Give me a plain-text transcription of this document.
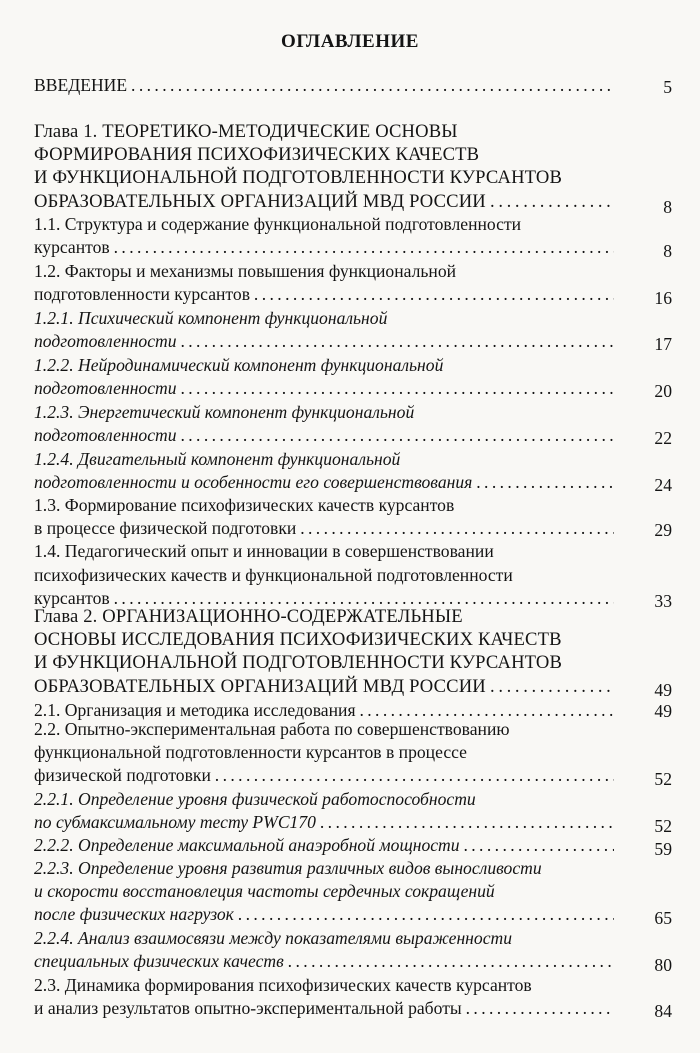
ОГЛАВЛЕНИЕ
ВВЕДЕНИЕ . . .	5
Глава 1. ТЕОРЕТИКО-МЕТОДИЧЕСКИЕ ОСНОВЫ
ФОРМИРОВАНИЯ ПСИХОФИЗИЧЕСКИХ КАЧЕСТВ
И ФУНКЦИОНАЛЬНОЙ ПОДГОТОВЛЕННОСТИ КУРСАНТОВ
ОБРАЗОВАТЕЛЬНЫХ ОРГАНИЗАЦИЙ МВД РОССИИ . . .	8
1.1. Структура и содержание функциональной подготовленности
курсантов . . .	8
1.2. Факторы и механизмы повышения функциональной
подготовленности курсантов . . .	16
1.2.1. Психический компонент функциональной
подготовленности . . .	17
1.2.2. Нейродинамический компонент функциональной
подготовленности . . .	20
1.2.3. Энергетический компонент функциональной
подготовленности . . .	22
1.2.4. Двигательный компонент функциональной
подготовленности и особенности его совершенствования . . .	24
1.3. Формирование психофизических качеств курсантов
в процессе физической подготовки . . .	29
1.4. Педагогический опыт и инновации в совершенствовании
психофизических качеств и функциональной подготовленности
курсантов . . .	33
Глава 2. ОРГАНИЗАЦИОННО-СОДЕРЖАТЕЛЬНЫЕ
ОСНОВЫ ИССЛЕДОВАНИЯ ПСИХОФИЗИЧЕСКИХ КАЧЕСТВ
И ФУНКЦИОНАЛЬНОЙ ПОДГОТОВЛЕННОСТИ КУРСАНТОВ
ОБРАЗОВАТЕЛЬНЫХ ОРГАНИЗАЦИЙ МВД РОССИИ . . .	49
2.1. Организация и методика исследования . . .	49
2.2. Опытно-экспериментальная работа по совершенствованию
функциональной подготовленности курсантов в процессе
физической подготовки . . .	52
2.2.1. Определение уровня физической работоспособности
по субмаксимальному тесту PWC170 . . .	52
2.2.2. Определение максимальной анаэробной мощности . . .	59
2.2.3. Определение уровня развития различных видов выносливости
и скорости восстановлеция частоты сердечных сокращений
после физических нагрузок . . .	65
2.2.4. Анализ взаимосвязи между показателями выраженности
специальных физических качеств . . .	80
2.3. Динамика формирования психофизических качеств курсантов
и анализ результатов опытно-экспериментальной работы . . .	84
